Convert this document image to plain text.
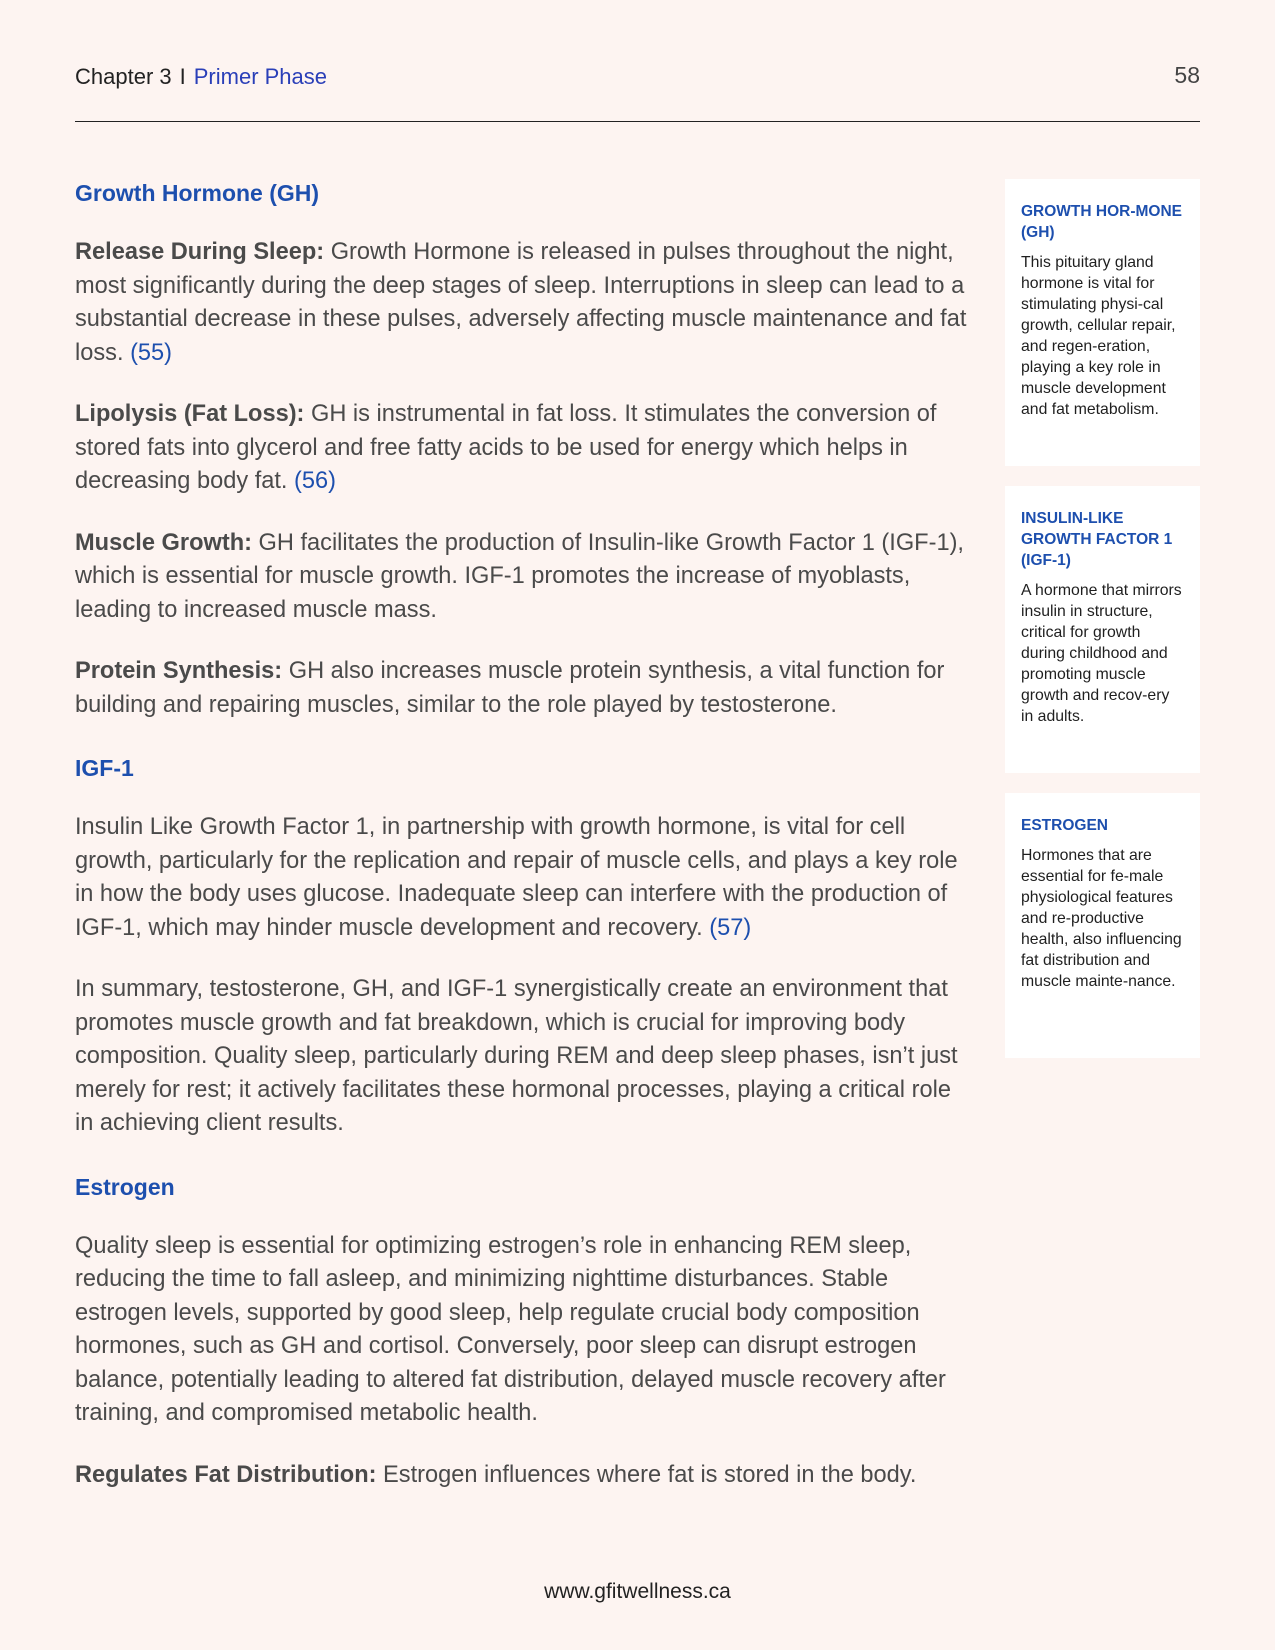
Chapter 3 I Primer Phase	58
Growth Hormone (GH)

Release During Sleep: Growth Hormone is released in pulses throughout the night, most significantly during the deep stages of sleep. Interruptions in sleep can lead to a substantial decrease in these pulses, adversely affecting muscle maintenance and fat loss. (55)

Lipolysis (Fat Loss): GH is instrumental in fat loss. It stimulates the conversion of stored fats into glycerol and free fatty acids to be used for energy which helps in decreasing body fat. (56)

Muscle Growth: GH facilitates the production of Insulin-like Growth Factor 1 (IGF-1), which is essential for muscle growth. IGF-1 promotes the increase of myoblasts, leading to increased muscle mass.

Protein Synthesis: GH also increases muscle protein synthesis, a vital function for building and repairing muscles, similar to the role played by testosterone.

IGF-1

Insulin Like Growth Factor 1, in partnership with growth hormone, is vital for cell growth, particularly for the replication and repair of muscle cells, and plays a key role in how the body uses glucose. Inadequate sleep can interfere with the production of IGF-1, which may hinder muscle development and recovery. (57)

In summary, testosterone, GH, and IGF-1 synergistically create an environment that promotes muscle growth and fat breakdown, which is crucial for improving body composition. Quality sleep, particularly during REM and deep sleep phases, isn’t just merely for rest; it actively facilitates these hormonal processes, playing a critical role in achieving client results.

Estrogen

Quality sleep is essential for optimizing estrogen’s role in enhancing REM sleep, reducing the time to fall asleep, and minimizing nighttime disturbances. Stable estrogen levels, supported by good sleep, help regulate crucial body composition hormones, such as GH and cortisol. Conversely, poor sleep can disrupt estrogen balance, potentially leading to altered fat distribution, delayed muscle recovery after training, and compromised metabolic health.

Regulates Fat Distribution: Estrogen influences where fat is stored in the body.

GROWTH HOR-MONE (GH)
This pituitary gland hormone is vital for stimulating physi-cal growth, cellular repair, and regen-eration, playing a key role in muscle development and fat metabolism.
INSULIN-LIKE GROWTH FACTOR 1 (IGF-1)
A hormone that mirrors insulin in structure, critical for growth during childhood and promoting muscle growth and recov-ery in adults.
ESTROGEN
Hormones that are essential for fe-male physiological features and re-productive health, also influencing fat distribution and muscle mainte-nance.
www.gfitwellness.ca
